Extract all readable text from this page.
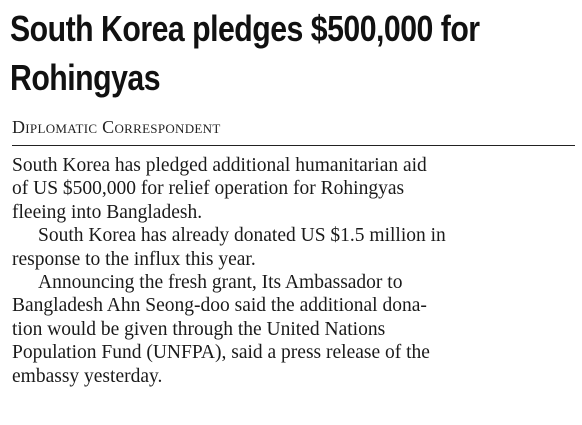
South Korea pledges $500,000 for
Rohingyas

Diplomatic Correspondent

South Korea has pledged additional humanitarian aid
of US $500,000 for relief operation for Rohingyas
fleeing into Bangladesh.
South Korea has already donated US $1.5 million in
response to the influx this year.
Announcing the fresh grant, Its Ambassador to
Bangladesh Ahn Seong-doo said the additional dona-
tion would be given through the United Nations
Population Fund (UNFPA), said a press release of the
embassy yesterday.
